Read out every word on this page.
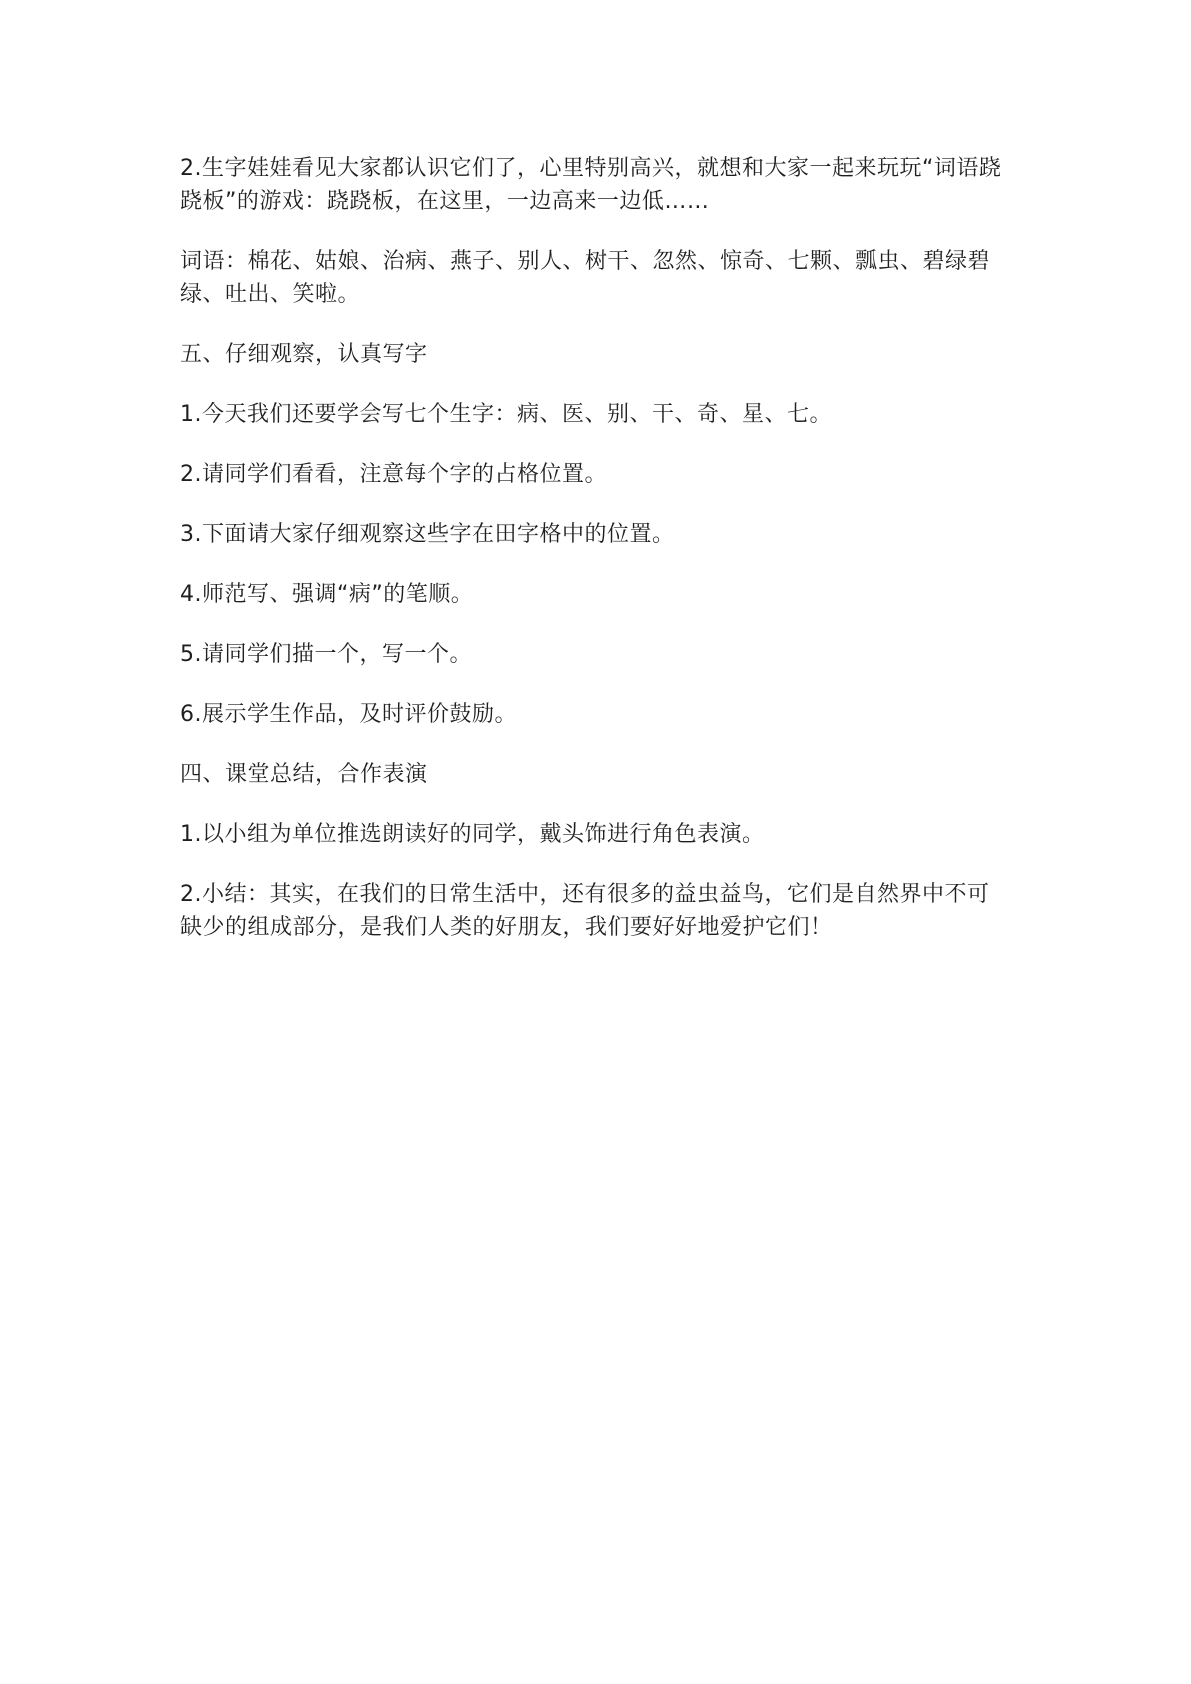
2.生字娃娃看见大家都认识它们了，心里特别高兴，就想和大家一起来玩玩“词语跷跷板”的游戏：跷跷板，在这里，一边高来一边低……

词语：棉花、姑娘、治病、燕子、别人、树干、忽然、惊奇、七颗、瓢虫、碧绿碧绿、吐出、笑啦。

五、仔细观察，认真写字

1.今天我们还要学会写七个生字：病、医、别、干、奇、星、七。

2.请同学们看看，注意每个字的占格位置。

3.下面请大家仔细观察这些字在田字格中的位置。

4.师范写、强调“病”的笔顺。

5.请同学们描一个，写一个。

6.展示学生作品，及时评价鼓励。

四、课堂总结，合作表演

1.以小组为单位推选朗读好的同学，戴头饰进行角色表演。

2.小结：其实，在我们的日常生活中，还有很多的益虫益鸟，它们是自然界中不可缺少的组成部分，是我们人类的好朋友，我们要好好地爱护它们！
